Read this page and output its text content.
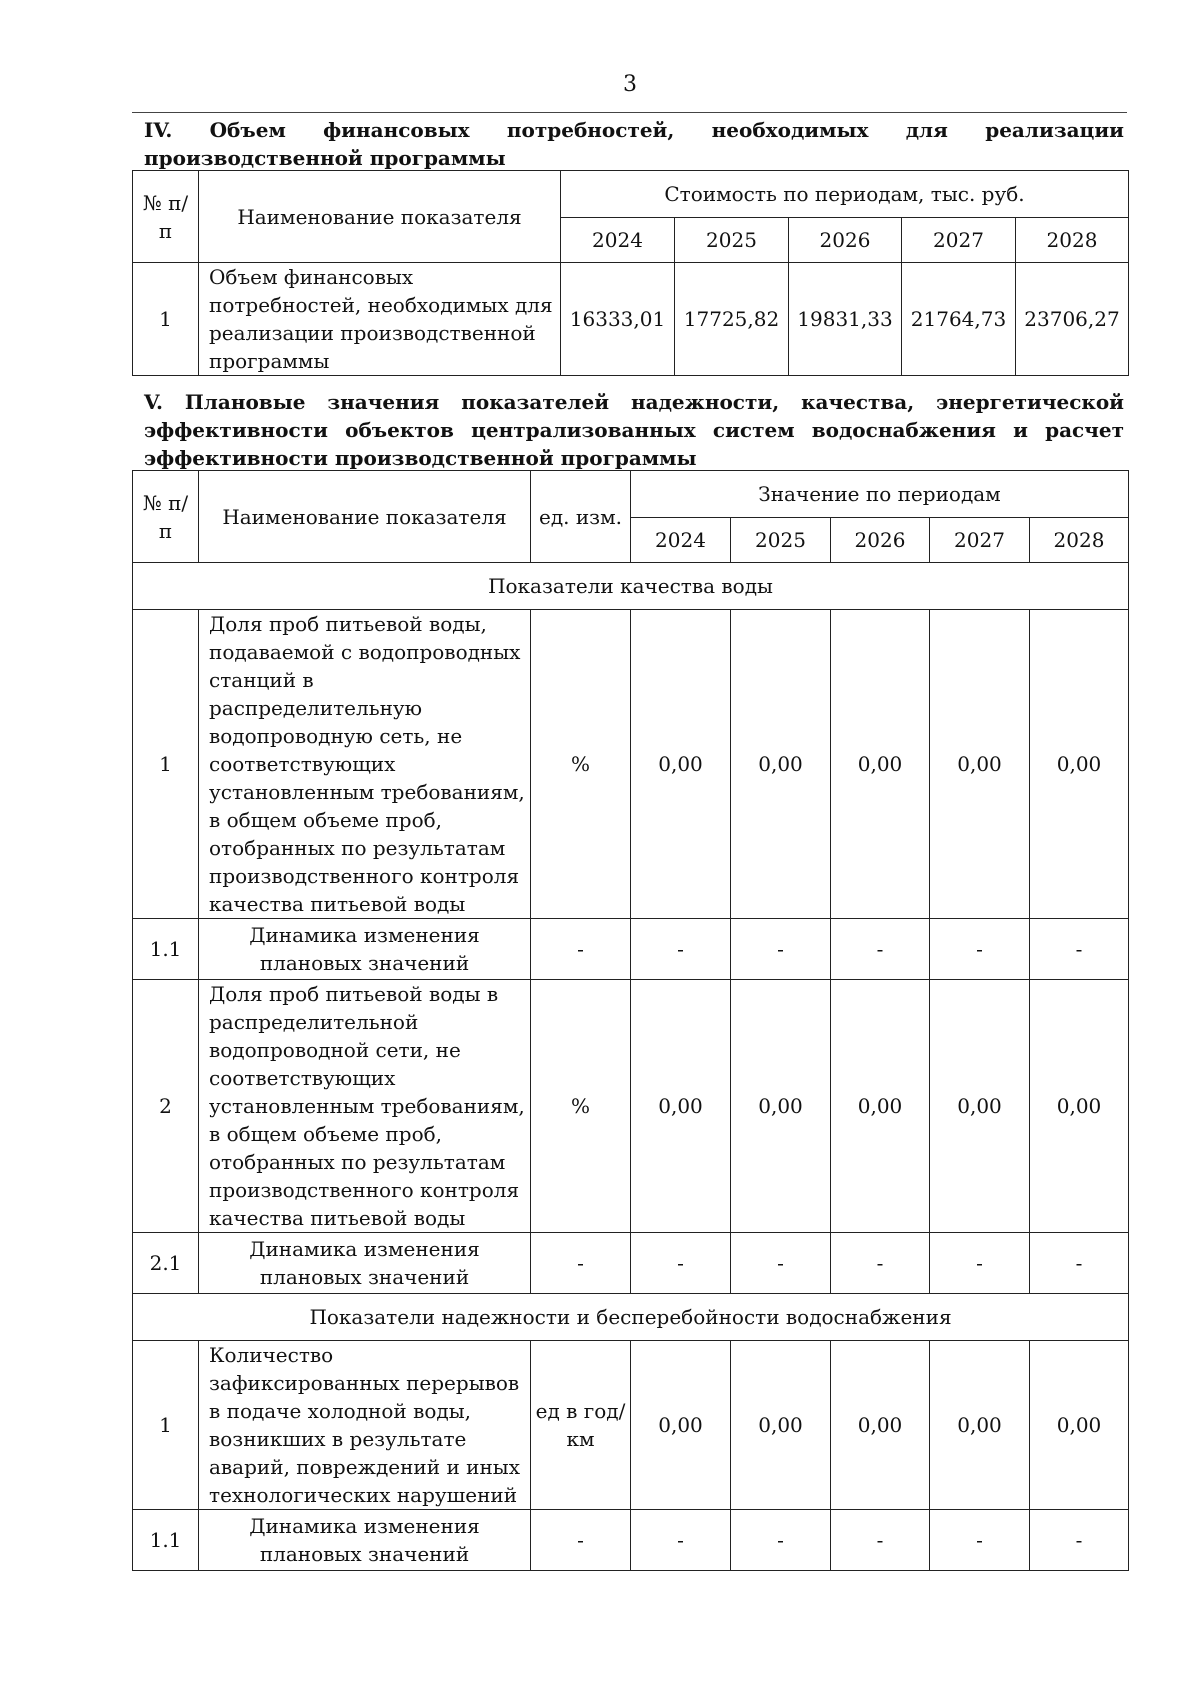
3
IV. Объем финансовых потребностей, необходимых для реализации производственной программы
№ п/п	Наименование показателя	Стоимость по периодам, тыс. руб.				
		2024	2025	2026	2027	2028
1	Объем финансовых потребностей, необходимых для реализации производственной программы	16333,01	17725,82	19831,33	21764,73	23706,27
V. Плановые значения показателей надежности, качества, энергетической эффективности объектов централизованных систем водоснабжения и расчет эффективности производственной программы
№ п/п	Наименование показателя	ед. изм.	Значение по периодам				
			2024	2025	2026	2027	2028
Показатели качества воды							
1	Доля проб питьевой воды, подаваемой с водопроводных станций в распределительную водопроводную сеть, не соответствующих установленным требованиям, в общем объеме проб, отобранных по результатам производственного контроля качества питьевой воды	%	0,00	0,00	0,00	0,00	0,00
1.1	Динамика изменения плановых значений	-	-	-	-	-	-
2	Доля проб питьевой воды в распределительной водопроводной сети, не соответствующих установленным требованиям, в общем объеме проб, отобранных по результатам производственного контроля качества питьевой воды	%	0,00	0,00	0,00	0,00	0,00
2.1	Динамика изменения плановых значений	-	-	-	-	-	-
Показатели надежности и бесперебойности водоснабжения							
1	Количество зафиксированных перерывов в подаче холодной воды, возникших в результате аварий, повреждений и иных технологических нарушений	ед в год/ км	0,00	0,00	0,00	0,00	0,00
1.1	Динамика изменения плановых значений	-	-	-	-	-	-
